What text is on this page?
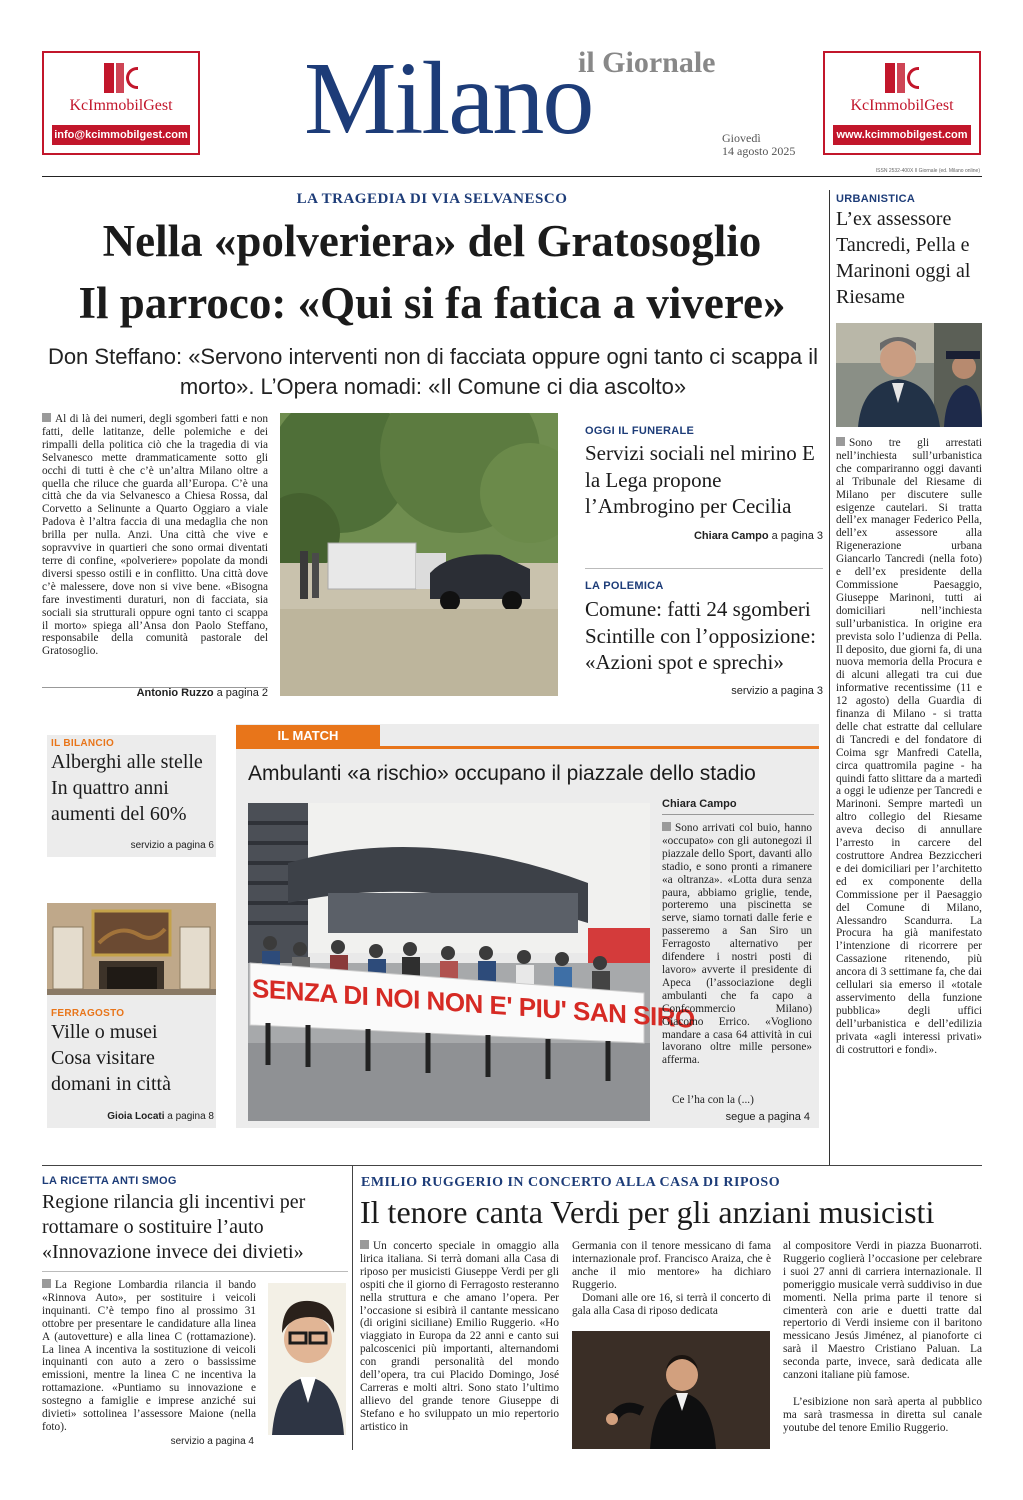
KcImmobilGest
info@kcimmobilgest.com
KcImmobilGest
www.kcimmobilgest.com
il Giornale
Milano	Giovedì
14 agosto 2025
ISSN 2532-400X Il Giornale (ed. Milano online)
LA TRAGEDIA DI VIA SELVANESCO
Nella «polveriera» del Gratosoglio
Il parroco: «Qui si fa fatica a vivere»
Don Steffano: «Servono interventi non di facciata oppure ogni tanto ci scappa il morto». L’Opera nomadi: «Il Comune ci dia ascolto»
Al di là dei numeri, degli sgomberi fatti e non fatti, delle latitanze, delle polemiche e dei rimpalli della politica ciò che la tragedia di via Selvanesco mette drammaticamente sotto gli occhi di tutti è che c’è un’altra Milano oltre a quella che riluce che guarda all’Europa. C’è una città che da via Selvanesco a Chiesa Rossa, dal Corvetto a Selinunte a Quarto Oggiaro a viale Padova è l’altra faccia di una medaglia che non brilla per nulla. Anzi. Una città che vive e sopravvive in quartieri che sono ormai diventati terre di confine, «polveriere» popolate da mondi diversi spesso ostili e in conflitto. Una città dove c’è malessere, dove non si vive bene. «Bisogna fare investimenti duraturi, non di facciata, sia sociali sia strutturali oppure ogni tanto ci scappa il morto» spiega all’Ansa don Paolo Steffano, responsabile della comunità pastorale del Gratosoglio.
Antonio Ruzzo a pagina 2
OGGI IL FUNERALE
Servizi sociali nel mirino E la Lega propone l’Ambrogino per Cecilia
Chiara Campo a pagina 3
LA POLEMICA
Comune: fatti 24 sgomberi Scintille con l’opposizione: «Azioni spot e sprechi»
servizio a pagina 3
URBANISTICA
L’ex assessore Tancredi, Pella e Marinoni oggi al Riesame
Sono tre gli arrestati nell’inchiesta sull’urbanistica che compariranno oggi davanti al Tribunale del Riesame di Milano per discutere sulle esigenze cautelari. Si tratta dell’ex manager Federico Pella, dell’ex assessore alla Rigenerazione urbana Giancarlo Tancredi (nella foto) e dell’ex presidente della Commissione Paesaggio, Giuseppe Marinoni, tutti ai domiciliari nell’inchiesta sull’urbanistica. In origine era prevista solo l’udienza di Pella. Il deposito, due giorni fa, di una nuova memoria della Procura e di alcuni allegati tra cui due informative recentissime (11 e 12 agosto) della Guardia di finanza di Milano - si tratta delle chat estratte dal cellulare di Tancredi e del fondatore di Coima sgr Manfredi Catella, circa quattromila pagine - ha quindi fatto slittare da a martedì a oggi le udienze per Tancredi e Marinoni. Sempre martedì un altro collegio del Riesame aveva deciso di annullare l’arresto in carcere del costruttore Andrea Bezziccheri e dei domiciliari per l’architetto ed ex componente della Commissione per il Paesaggio del Comune di Milano, Alessandro Scandurra. La Procura ha già manifestato l’intenzione di ricorrere per Cassazione ritenendo, più ancora di 3 settimane fa, che dai cellulari sia emerso il «totale asservimento della funzione pubblica» degli uffici dell’urbanistica e dell’edilizia privata «agli interessi privati» di costruttori e fondi».
IL BILANCIO
Alberghi alle stelle In quattro anni aumenti del 60%
servizio a pagina 6
FERRAGOSTO
Ville o musei Cosa visitare domani in città
Gioia Locati a pagina 8
IL MATCH
Ambulanti «a rischio» occupano il piazzale dello stadio
SENZA DI NOI NON E' PIU' SAN SIRO
Chiara Campo
Sono arrivati col buio, hanno «occupato» con gli autonegozi il piazzale dello Sport, davanti allo stadio, e sono pronti a rimanere «a oltranza». «Lotta dura senza paura, abbiamo griglie, tende, porteremo una piscinetta se serve, siamo tornati dalle ferie e passeremo a San Siro un Ferragosto alternativo per difendere i nostri posti di lavoro» avverte il presidente di Apeca (l’associazione degli ambulanti che fa capo a Confcommercio Milano) Giacomo Errico. «Vogliono mandare a casa 64 attività in cui lavorano oltre mille persone» afferma.
Ce l’ha con la (...)
segue a pagina 4
LA RICETTA ANTI SMOG
Regione rilancia gli incentivi per rottamare o sostituire l’auto «Innovazione invece dei divieti»
La Regione Lombardia rilancia il bando «Rinnova Auto», per sostituire i veicoli inquinanti. C’è tempo fino al prossimo 31 ottobre per presentare le candidature alla linea A (autovetture) e alla linea C (rottamazione). La linea A incentiva la sostituzione di veicoli inquinanti con auto a zero o bassissime emissioni, mentre la linea C ne incentiva la rottamazione. «Puntiamo su innovazione e sostegno a famiglie e imprese anziché sui divieti» sottolinea l’assessore Maione (nella foto).
servizio a pagina 4
EMILIO RUGGERIO IN CONCERTO ALLA CASA DI RIPOSO
Il tenore canta Verdi per gli anziani musicisti
Un concerto speciale in omaggio alla lirica italiana. Si terrà domani alla Casa di riposo per musicisti Giuseppe Verdi per gli ospiti che il giorno di Ferragosto resteranno nella struttura e che amano l’opera. Per l’occasione si esibirà il cantante messicano (di origini siciliane) Emilio Ruggerio. «Ho viaggiato in Europa da 22 anni e canto sui palcoscenici più importanti, alternandomi con grandi personalità del mondo dell’opera, tra cui Placido Domingo, José Carreras e molti altri. Sono stato l’ultimo allievo del grande tenore Giuseppe di Stefano e ho sviluppato un mio repertorio artistico in
Germania con il tenore messicano di fama internazionale prof. Francisco Araiza, che è anche il mio mentore» ha dichiaro Ruggerio.
Domani alle ore 16, si terrà il concerto di gala alla Casa di riposo dedicata
al compositore Verdi in piazza Buonarroti. Ruggerio coglierà l’occasione per celebrare i suoi 27 anni di carriera internazionale. Il pomeriggio musicale verrà suddiviso in due momenti. Nella prima parte il tenore si cimenterà con arie e duetti tratte dal repertorio di Verdi insieme con il baritono messicano Jesús Jiménez, al pianoforte ci sarà il Maestro Cristiano Paluan. La seconda parte, invece, sarà dedicata alle canzoni italiane più famose.
L’esibizione non sarà aperta al pubblico ma sarà trasmessa in diretta sul canale youtube del tenore Emilio Ruggerio.
